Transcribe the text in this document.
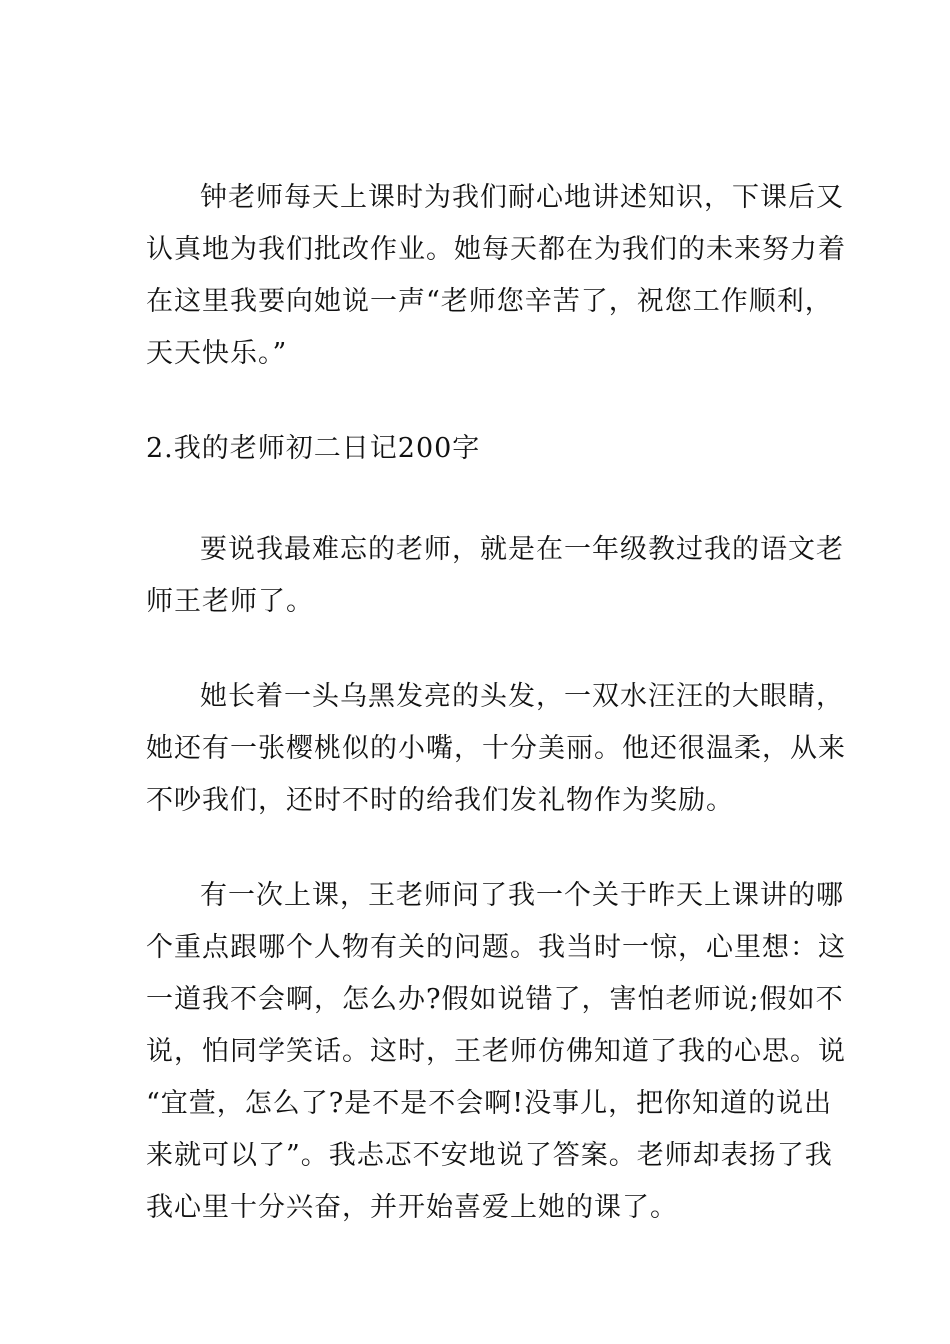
钟老师每天上课时为我们耐心地讲述知识，下课后又
认真地为我们批改作业。她每天都在为我们的未来努力着
在这里我要向她说一声“老师您辛苦了，祝您工作顺利，
天天快乐。”

2.我的老师初二日记200字

要说我最难忘的老师，就是在一年级教过我的语文老
师王老师了。

她长着一头乌黑发亮的头发，一双水汪汪的大眼睛，
她还有一张樱桃似的小嘴，十分美丽。他还很温柔，从来
不吵我们，还时不时的给我们发礼物作为奖励。

有一次上课，王老师问了我一个关于昨天上课讲的哪
个重点跟哪个人物有关的问题。我当时一惊，心里想：这
一道我不会啊，怎么办?假如说错了，害怕老师说;假如不
说，怕同学笑话。这时，王老师仿佛知道了我的心思。说
“宜萱，怎么了?是不是不会啊!没事儿，把你知道的说出
来就可以了”。我忐忑不安地说了答案。老师却表扬了我
我心里十分兴奋，并开始喜爱上她的课了。
